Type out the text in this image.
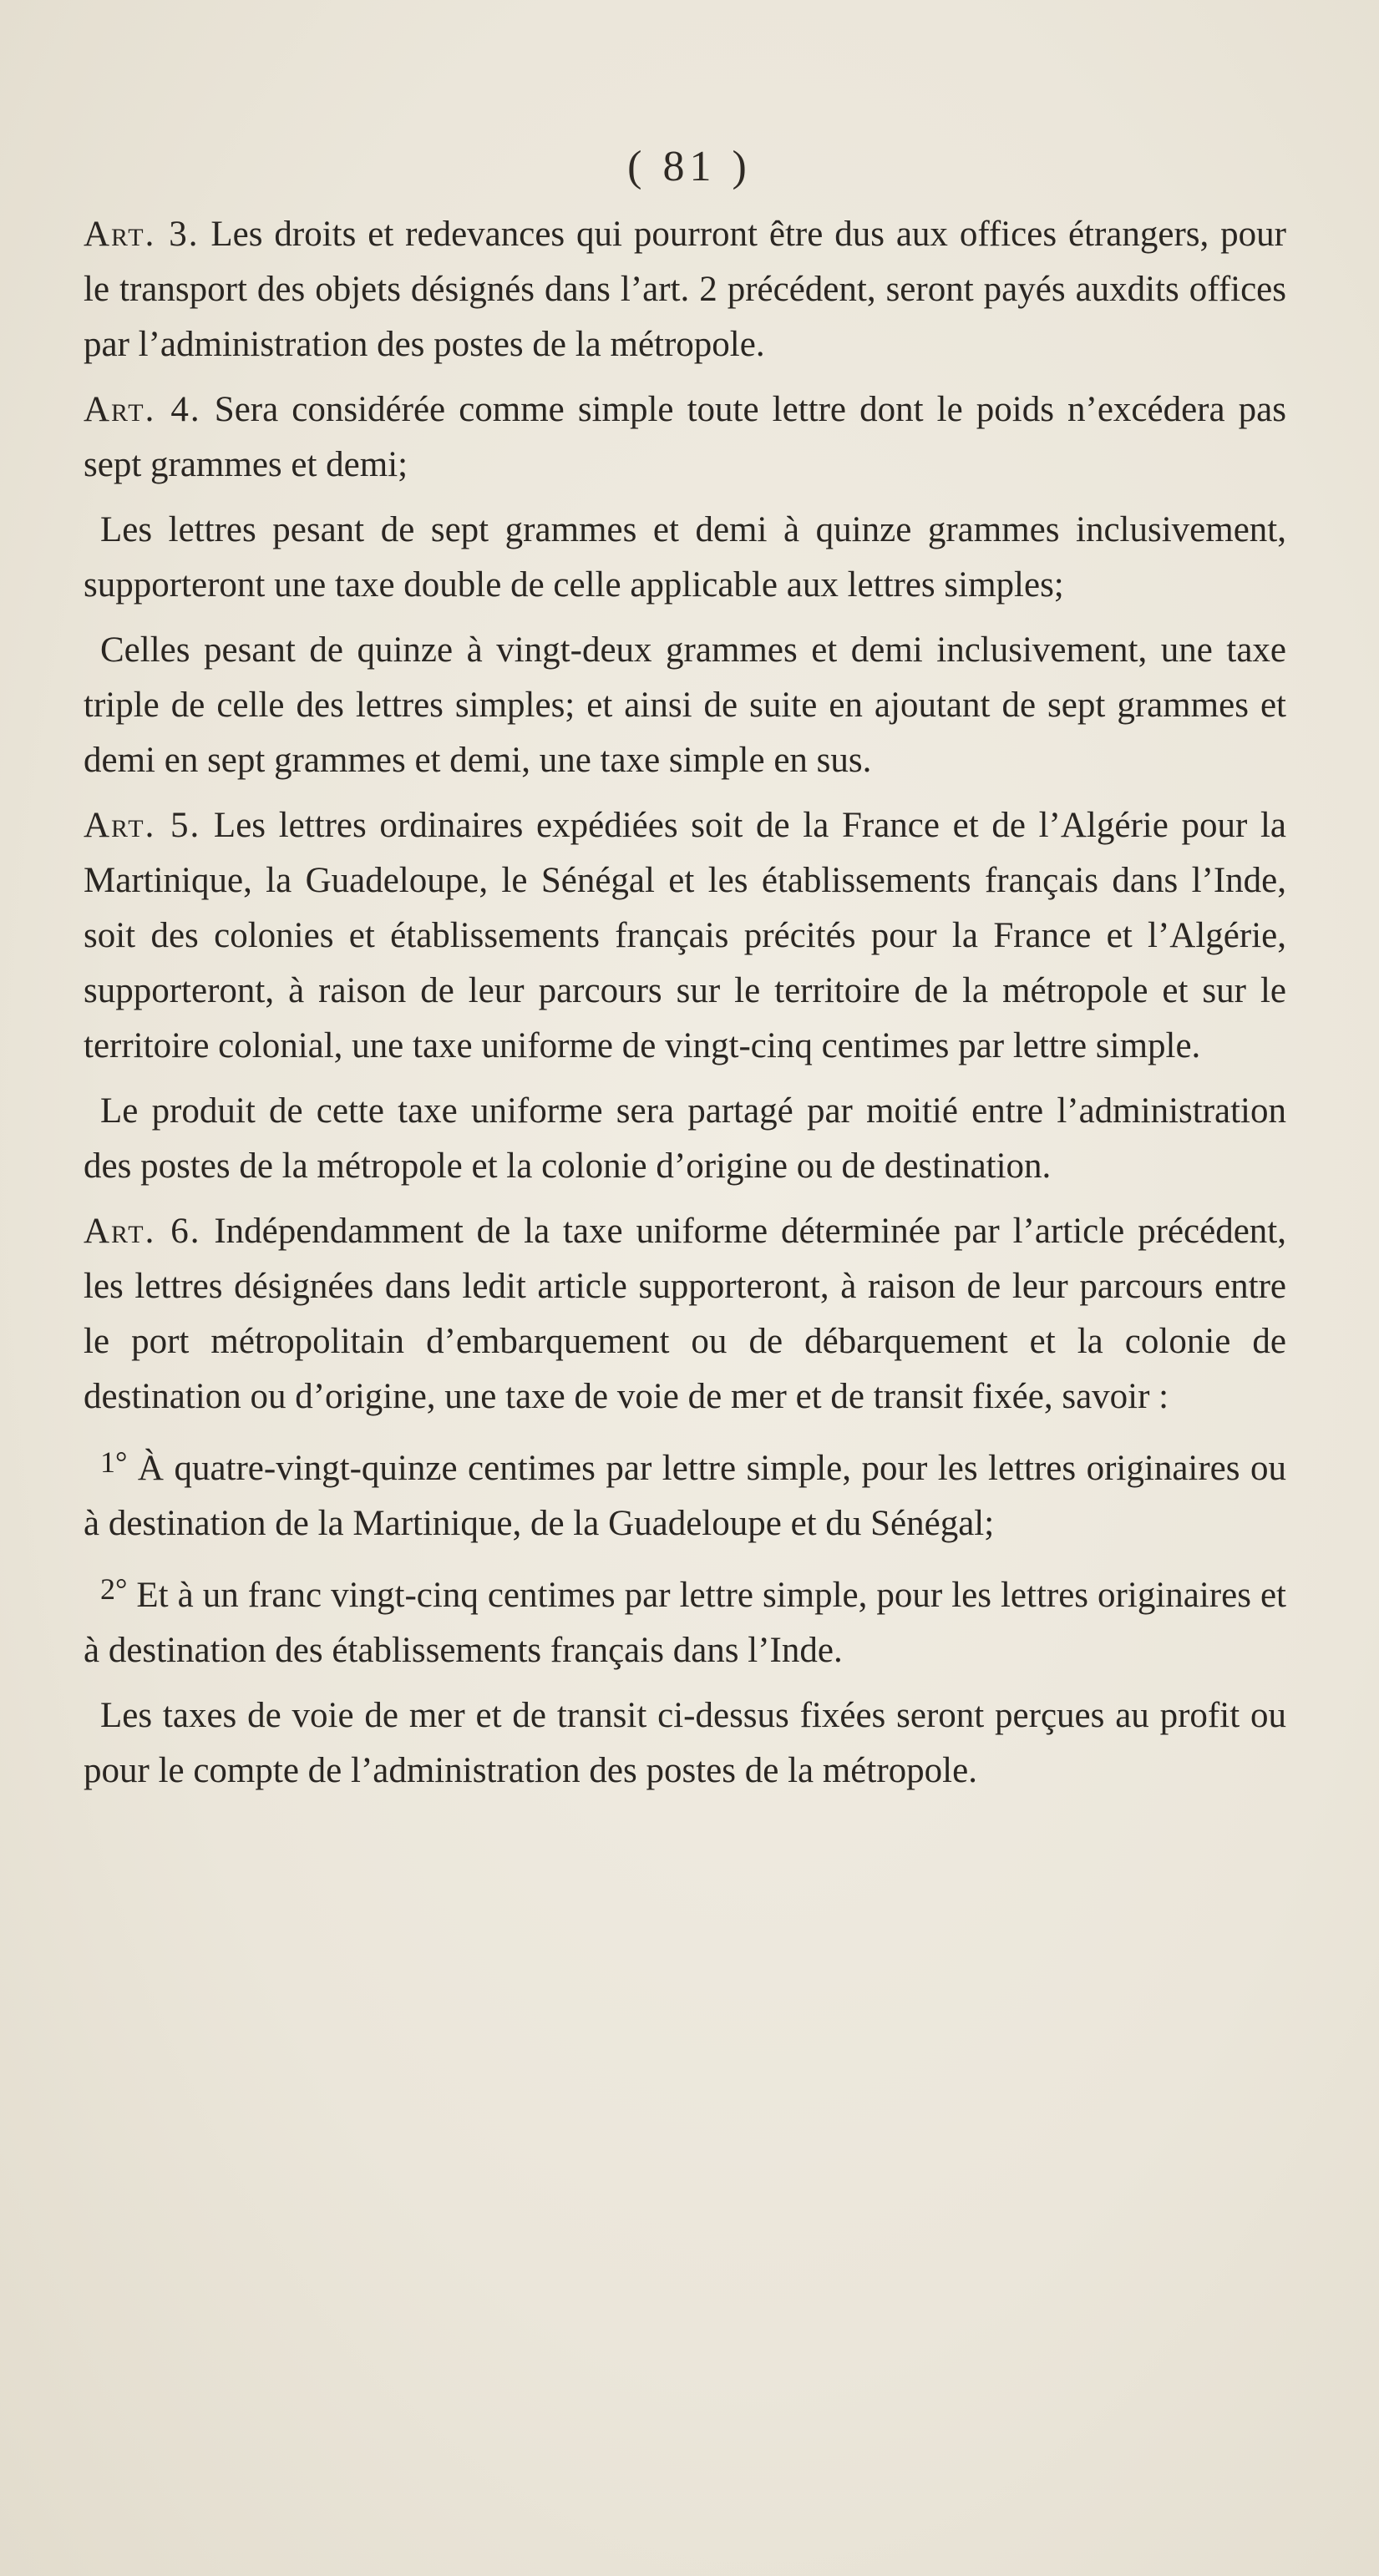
( 81 )

Art. 3. Les droits et redevances qui pourront être dus aux offices étrangers, pour le transport des objets désignés dans l’art. 2 précédent, seront payés auxdits offices par l’administration des postes de la métropole.

Art. 4. Sera considérée comme simple toute lettre dont le poids n’excédera pas sept grammes et demi;

Les lettres pesant de sept grammes et demi à quinze grammes inclusivement, supporteront une taxe double de celle applicable aux lettres simples;

Celles pesant de quinze à vingt-deux grammes et demi inclusivement, une taxe triple de celle des lettres simples; et ainsi de suite en ajoutant de sept grammes et demi en sept grammes et demi, une taxe simple en sus.

Art. 5. Les lettres ordinaires expédiées soit de la France et de l’Algérie pour la Martinique, la Guadeloupe, le Sénégal et les établissements français dans l’Inde, soit des colonies et établissements français précités pour la France et l’Algérie, supporteront, à raison de leur parcours sur le territoire de la métropole et sur le territoire colonial, une taxe uniforme de vingt-cinq centimes par lettre simple.

Le produit de cette taxe uniforme sera partagé par moitié entre l’administration des postes de la métropole et la colonie d’origine ou de destination.

Art. 6. Indépendamment de la taxe uniforme déterminée par l’article précédent, les lettres désignées dans ledit article supporteront, à raison de leur parcours entre le port métropolitain d’embarquement ou de débarquement et la colonie de destination ou d’origine, une taxe de voie de mer et de transit fixée, savoir :

$^{1^\circ}$ À quatre-vingt-quinze centimes par lettre simple, pour les lettres originaires ou à destination de la Martinique, de la Guadeloupe et du Sénégal;

$^{2^\circ}$ Et à un franc vingt-cinq centimes par lettre simple, pour les lettres originaires et à destination des établissements français dans l’Inde.

Les taxes de voie de mer et de transit ci-dessus fixées seront perçues au profit ou pour le compte de l’administration des postes de la métropole.
